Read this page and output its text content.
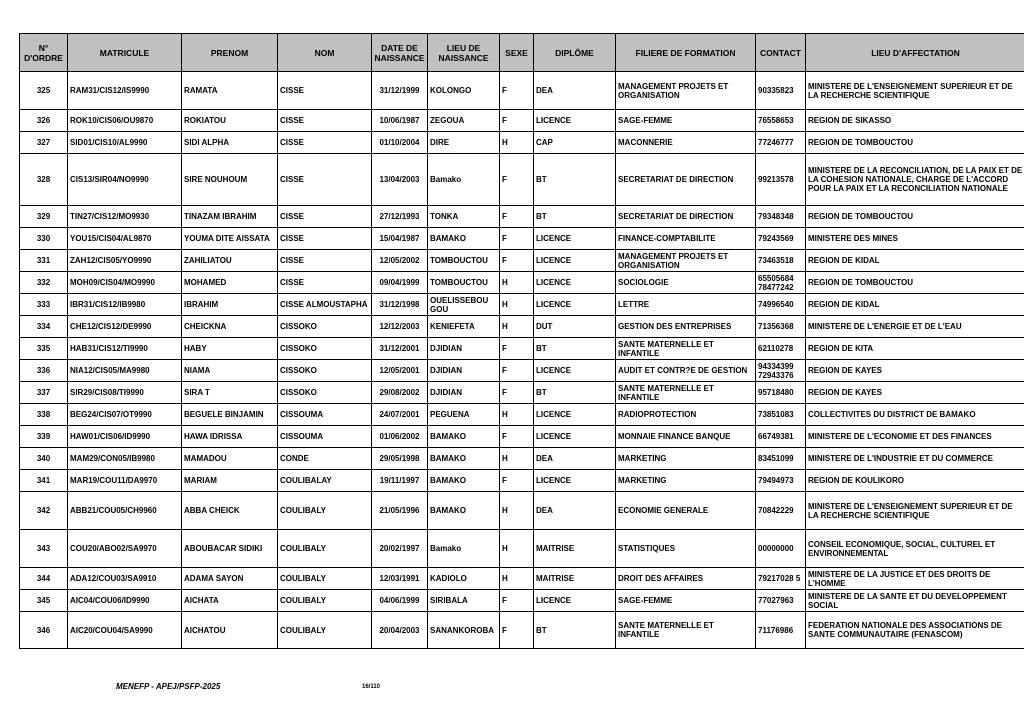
N° D'ORDRE	MATRICULE	PRENOM	NOM	DATE DE NAISSANCE	LIEU DE NAISSANCE	SEXE	DIPLÔME	FILIERE DE FORMATION	CONTACT	LIEU D'AFFECTATION
325	RAM31/CIS12/IS9990	RAMATA	CISSE	31/12/1999	KOLONGO	F	DEA	MANAGEMENT PROJETS ET ORGANISATION	90335823	MINISTERE DE L'ENSEIGNEMENT SUPERIEUR ET DE LA RECHERCHE SCIENTIFIQUE
326	ROK10/CIS06/OU9870	ROKIATOU	CISSE	10/06/1987	ZEGOUA	F	LICENCE	SAGE-FEMME	76558653	REGION DE SIKASSO
327	SID01/CIS10/AL9990	SIDI ALPHA	CISSE	01/10/2004	DIRE	H	CAP	MACONNERIE	77246777	REGION DE TOMBOUCTOU
328	CIS13/SIR04/NO9990	SIRE NOUHOUM	CISSE	13/04/2003	Bamako	F	BT	SECRETARIAT DE DIRECTION	99213578	MINISTERE DE LA RECONCILIATION, DE LA PAIX ET DE LA COHESION NATIONALE, CHARGE DE L'ACCORD POUR LA PAIX ET LA RECONCILIATION NATIONALE
329	TIN27/CIS12/MO9930	TINAZAM IBRAHIM	CISSE	27/12/1993	TONKA	F	BT	SECRETARIAT DE DIRECTION	79348348	REGION DE TOMBOUCTOU
330	YOU15/CIS04/AL9870	YOUMA DITE AISSATA	CISSE	15/04/1987	BAMAKO	F	LICENCE	FINANCE-COMPTABILITE	79243569	MINISTERE DES MINES
331	ZAH12/CIS05/YO9990	ZAHILIATOU	CISSE	12/05/2002	TOMBOUCTOU	F	LICENCE	MANAGEMENT PROJETS ET ORGANISATION	73463518	REGION DE KIDAL
332	MOH09/CIS04/MO9990	MOHAMED	CISSE	09/04/1999	TOMBOUCTOU	H	LICENCE	SOCIOLOGIE	65505684 78477242	REGION DE TOMBOUCTOU
333	IBR31/CIS12/IB9980	IBRAHIM	CISSE ALMOUSTAPHA	31/12/1998	OUELISSEBOU GOU	H	LICENCE	LETTRE	74996540	REGION DE KIDAL
334	CHE12/CIS12/DE9990	CHEICKNA	CISSOKO	12/12/2003	KENIEFETA	H	DUT	GESTION DES ENTREPRISES	71356368	MINISTERE DE L'ENERGIE ET DE L'EAU
335	HAB31/CIS12/TI9990	HABY	CISSOKO	31/12/2001	DJIDIAN	F	BT	SANTE MATERNELLE ET INFANTILE	62110278	REGION DE KITA
336	NIA12/CIS05/MA9980	NIAMA	CISSOKO	12/05/2001	DJIDIAN	F	LICENCE	AUDIT ET CONTR?E DE GESTION	94334399 72943376	REGION DE KAYES
337	SIR29/CIS08/TI9990	SIRA T	CISSOKO	29/08/2002	DJIDIAN	F	BT	SANTE MATERNELLE ET INFANTILE	95718480	REGION DE KAYES
338	BEG24/CIS07/OT9990	BEGUELE BINJAMIN	CISSOUMA	24/07/2001	PEGUENA	H	LICENCE	RADIOPROTECTION	73851083	COLLECTIVITES DU DISTRICT DE BAMAKO
339	HAW01/CIS06/ID9990	HAWA IDRISSA	CISSOUMA	01/06/2002	BAMAKO	F	LICENCE	MONNAIE FINANCE BANQUE	66749381	MINISTERE DE L'ECONOMIE ET DES FINANCES
340	MAM29/CON05/IB9980	MAMADOU	CONDE	29/05/1998	BAMAKO	H	DEA	MARKETING	83451099	MINISTERE DE L'INDUSTRIE ET DU COMMERCE
341	MAR19/COU11/DA9970	MARIAM	COULIBALAY	19/11/1997	BAMAKO	F	LICENCE	MARKETING	79494973	REGION DE KOULIKORO
342	ABB21/COU05/CH9960	ABBA CHEICK	COULIBALY	21/05/1996	BAMAKO	H	DEA	ECONOMIE GENERALE	70842229	MINISTERE DE L'ENSEIGNEMENT SUPERIEUR ET DE LA RECHERCHE SCIENTIFIQUE
343	COU20/ABO02/SA9970	ABOUBACAR SIDIKI	COULIBALY	20/02/1997	Bamako	H	MAITRISE	STATISTIQUES	00000000	CONSEIL ECONOMIQUE, SOCIAL, CULTUREL ET ENVIRONNEMENTAL
344	ADA12/COU03/SA9910	ADAMA SAYON	COULIBALY	12/03/1991	KADIOLO	H	MAITRISE	DROIT DES AFFAIRES	79217028 5	MINISTERE DE LA JUSTICE ET DES DROITS DE L'HOMME
345	AIC04/COU06/ID9990	AICHATA	COULIBALY	04/06/1999	SIRIBALA	F	LICENCE	SAGE-FEMME	77027963	MINISTERE DE LA SANTE ET DU DEVELOPPEMENT SOCIAL
346	AIC20/COU04/SA9990	AICHATOU	COULIBALY	20/04/2003	SANANKOROBA	F	BT	SANTE MATERNELLE ET INFANTILE	71176986	FEDERATION NATIONALE DES ASSOCIATIONS DE SANTE COMMUNAUTAIRE (FENASCOM)
MENEFP - APEJ/PSFP-2025	16/110
